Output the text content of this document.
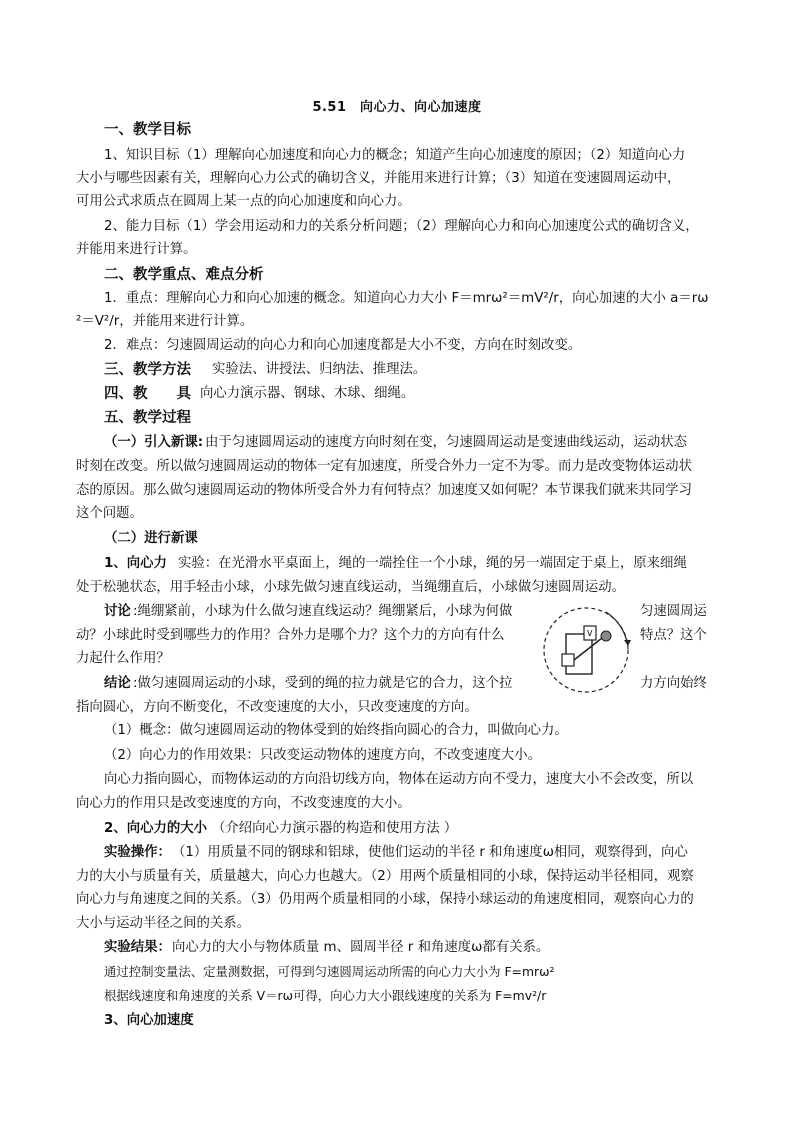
5.51　向心力、向心加速度
一、教学目标
1、知识目标（1）理解向心加速度和向心力的概念；知道产生向心加速度的原因；（2）知道向心力
大小与哪些因素有关，理解向心力公式的确切含义，并能用来进行计算；（3）知道在变速圆周运动中，
可用公式求质点在圆周上某一点的向心加速度和向心力。
2、能力目标（1）学会用运动和力的关系分析问题；（2）理解向心力和向心加速度公式的确切含义，
并能用来进行计算。
二、教学重点、难点分析
1．重点：理解向心力和向心加速的概念。知道向心力大小 F＝mrω²＝mV²/r，向心加速的大小 a＝rω
²＝V²/r，并能用来进行计算。
2．难点：匀速圆周运动的向心力和向心加速度都是大小不变，方向在时刻改变。
三、教学方法 实验法、讲授法、归纳法、推理法。
四、教　　具 向心力演示器、钢球、木球、细绳。
五、教学过程
（一）引入新课: 由于匀速圆周运动的速度方向时刻在变，匀速圆周运动是变速曲线运动，运动状态
时刻在改变。所以做匀速圆周运动的物体一定有加速度，所受合外力一定不为零。而力是改变物体运动状
态的原因。那么做匀速圆周运动的物体所受合外力有何特点？加速度又如何呢？本节课我们就来共同学习
这个问题。
（二）进行新课
1、向心力 实验：在光滑水平桌面上，绳的一端拴住一个小球，绳的另一端固定于桌上，原来细绳
处于松驰状态，用手轻击小球，小球先做匀速直线运动，当绳绷直后，小球做匀速圆周运动。
讨论 :绳绷紧前，小球为什么做匀速直线运动？绳绷紧后，小球为何做	匀速圆周运
动？小球此时受到哪些力的作用？合外力是哪个力？这个力的方向有什么	特点？这个
力起什么作用？
结论 :做匀速圆周运动的小球，受到的绳的拉力就是它的合力，这个拉	力方向始终
指向圆心，方向不断变化，不改变速度的大小，只改变速度的方向。
（1）概念：做匀速圆周运动的物体受到的始终指向圆心的合力，叫做向心力。
（2）向心力的作用效果：只改变运动物体的速度方向，不改变速度大小。
向心力指向圆心，而物体运动的方向沿切线方向，物体在运动方向不受力，速度大小不会改变，所以
向心力的作用只是改变速度的方向，不改变速度的大小。
2、向心力的大小 （介绍向心力演示器的构造和使用方法 ）
实验操作： （1）用质量不同的钢球和铝球，使他们运动的半径 r 和角速度ω相同，观察得到，向心
力的大小与质量有关，质量越大，向心力也越大。（2）用两个质量相同的小球，保持运动半径相同，观察
向心力与角速度之间的关系。（3）仍用两个质量相同的小球，保持小球运动的角速度相同，观察向心力的
大小与运动半径之间的关系。
实验结果： 向心力的大小与物体质量 m、圆周半径 r 和角速度ω都有关系。
通过控制变量法、定量测数据，可得到匀速圆周运动所需的向心力大小为 F=mrω²
根据线速度和角速度的关系 V＝rω可得，向心力大小跟线速度的关系为 F=mv²/r
3、向心加速度
V
